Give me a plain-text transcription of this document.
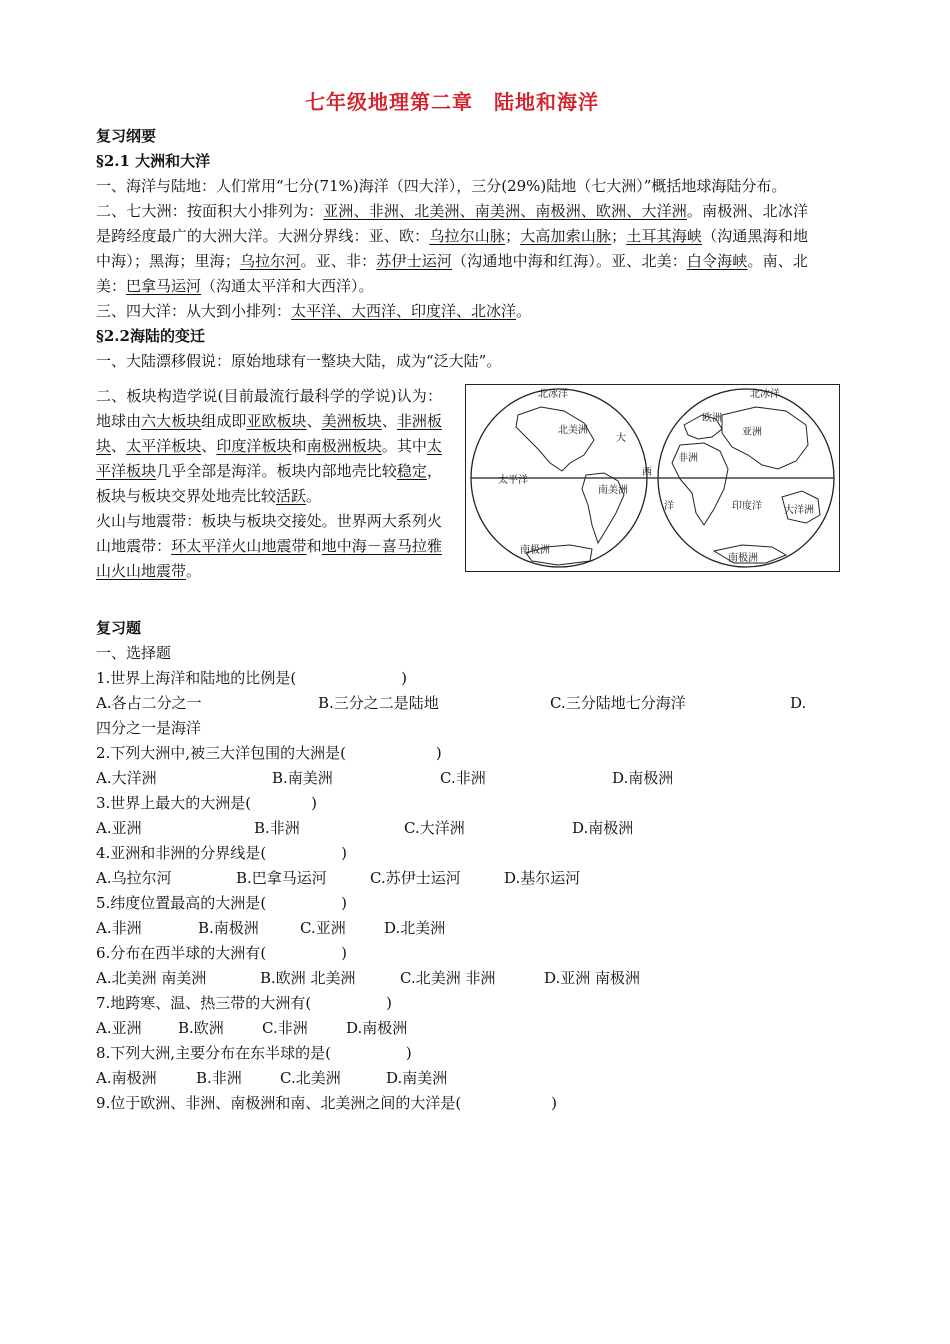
七年级地理第二章　陆地和海洋

复习纲要

§2.1 大洲和大洋

一、海洋与陆地：人们常用“七分(71%)海洋（四大洋），三分(29%)陆地（七大洲）”概括地球海陆分布。

二、七大洲：按面积大小排列为：亚洲、非洲、北美洲、南美洲、南极洲、欧洲、大洋洲。南极洲、北冰洋是跨经度最广的大洲大洋。大洲分界线：亚、欧：乌拉尔山脉；大高加索山脉；土耳其海峡（沟通黑海和地中海）；黑海；里海；乌拉尔河。亚、非：苏伊士运河（沟通地中海和红海）。亚、北美：白令海峡。南、北美：巴拿马运河（沟通太平洋和大西洋）。

三、四大洋：从大到小排列：太平洋、大西洋、印度洋、北冰洋。

§2.2海陆的变迁

一、大陆漂移假说：原始地球有一整块大陆，成为“泛大陆”。

二、板块构造学说(目前最流行最科学的学说)认为：地球由六大板块组成即亚欧板块、美洲板块、非洲板块、太平洋板块、印度洋板块和南极洲板块。其中太平洋板块几乎全部是海洋。板块内部地壳比较稳定，板块与板块交界处地壳比较活跃。
火山与地震带：板块与板块交接处。世界两大系列火山地震带：环太平洋火山地震带和地中海－喜马拉雅山火山地震带。
北冰洋
北美洲
大
太平洋
西
南美洲
南极洲
北冰洋
欧洲
亚洲
非洲
洋	印度洋 大洋洲
南极洲

复习题

一、选择题

1.世界上海洋和陆地的比例是(　　　　　　　)

A.各占二分之一	B.三分之二是陆地	C.三分陆地七分海洋	D.

四分之一是海洋

2.下列大洲中,被三大洋包围的大洲是(　　　　　　)

A.大洋洲	B.南美洲	C.非洲	D.南极洲

3.世界上最大的大洲是(　　　　)

A.亚洲	B.非洲	C.大洋洲	D.南极洲

4.亚洲和非洲的分界线是(　　　　　)

A.乌拉尔河	B.巴拿马运河	C.苏伊士运河	D.基尔运河

5.纬度位置最高的大洲是(　　　　　)

A.非洲	B.南极洲	C.亚洲	D.北美洲

6.分布在西半球的大洲有(　　　　　)

A.北美洲 南美洲	B.欧洲 北美洲	C.北美洲 非洲	D.亚洲 南极洲

7.地跨寒、温、热三带的大洲有(　　　　　)

A.亚洲	B.欧洲	C.非洲	D.南极洲

8.下列大洲,主要分布在东半球的是(　　　　　)

A.南极洲	B.非洲	C.北美洲	D.南美洲

9.位于欧洲、非洲、南极洲和南、北美洲之间的大洋是(　　　　　　)
